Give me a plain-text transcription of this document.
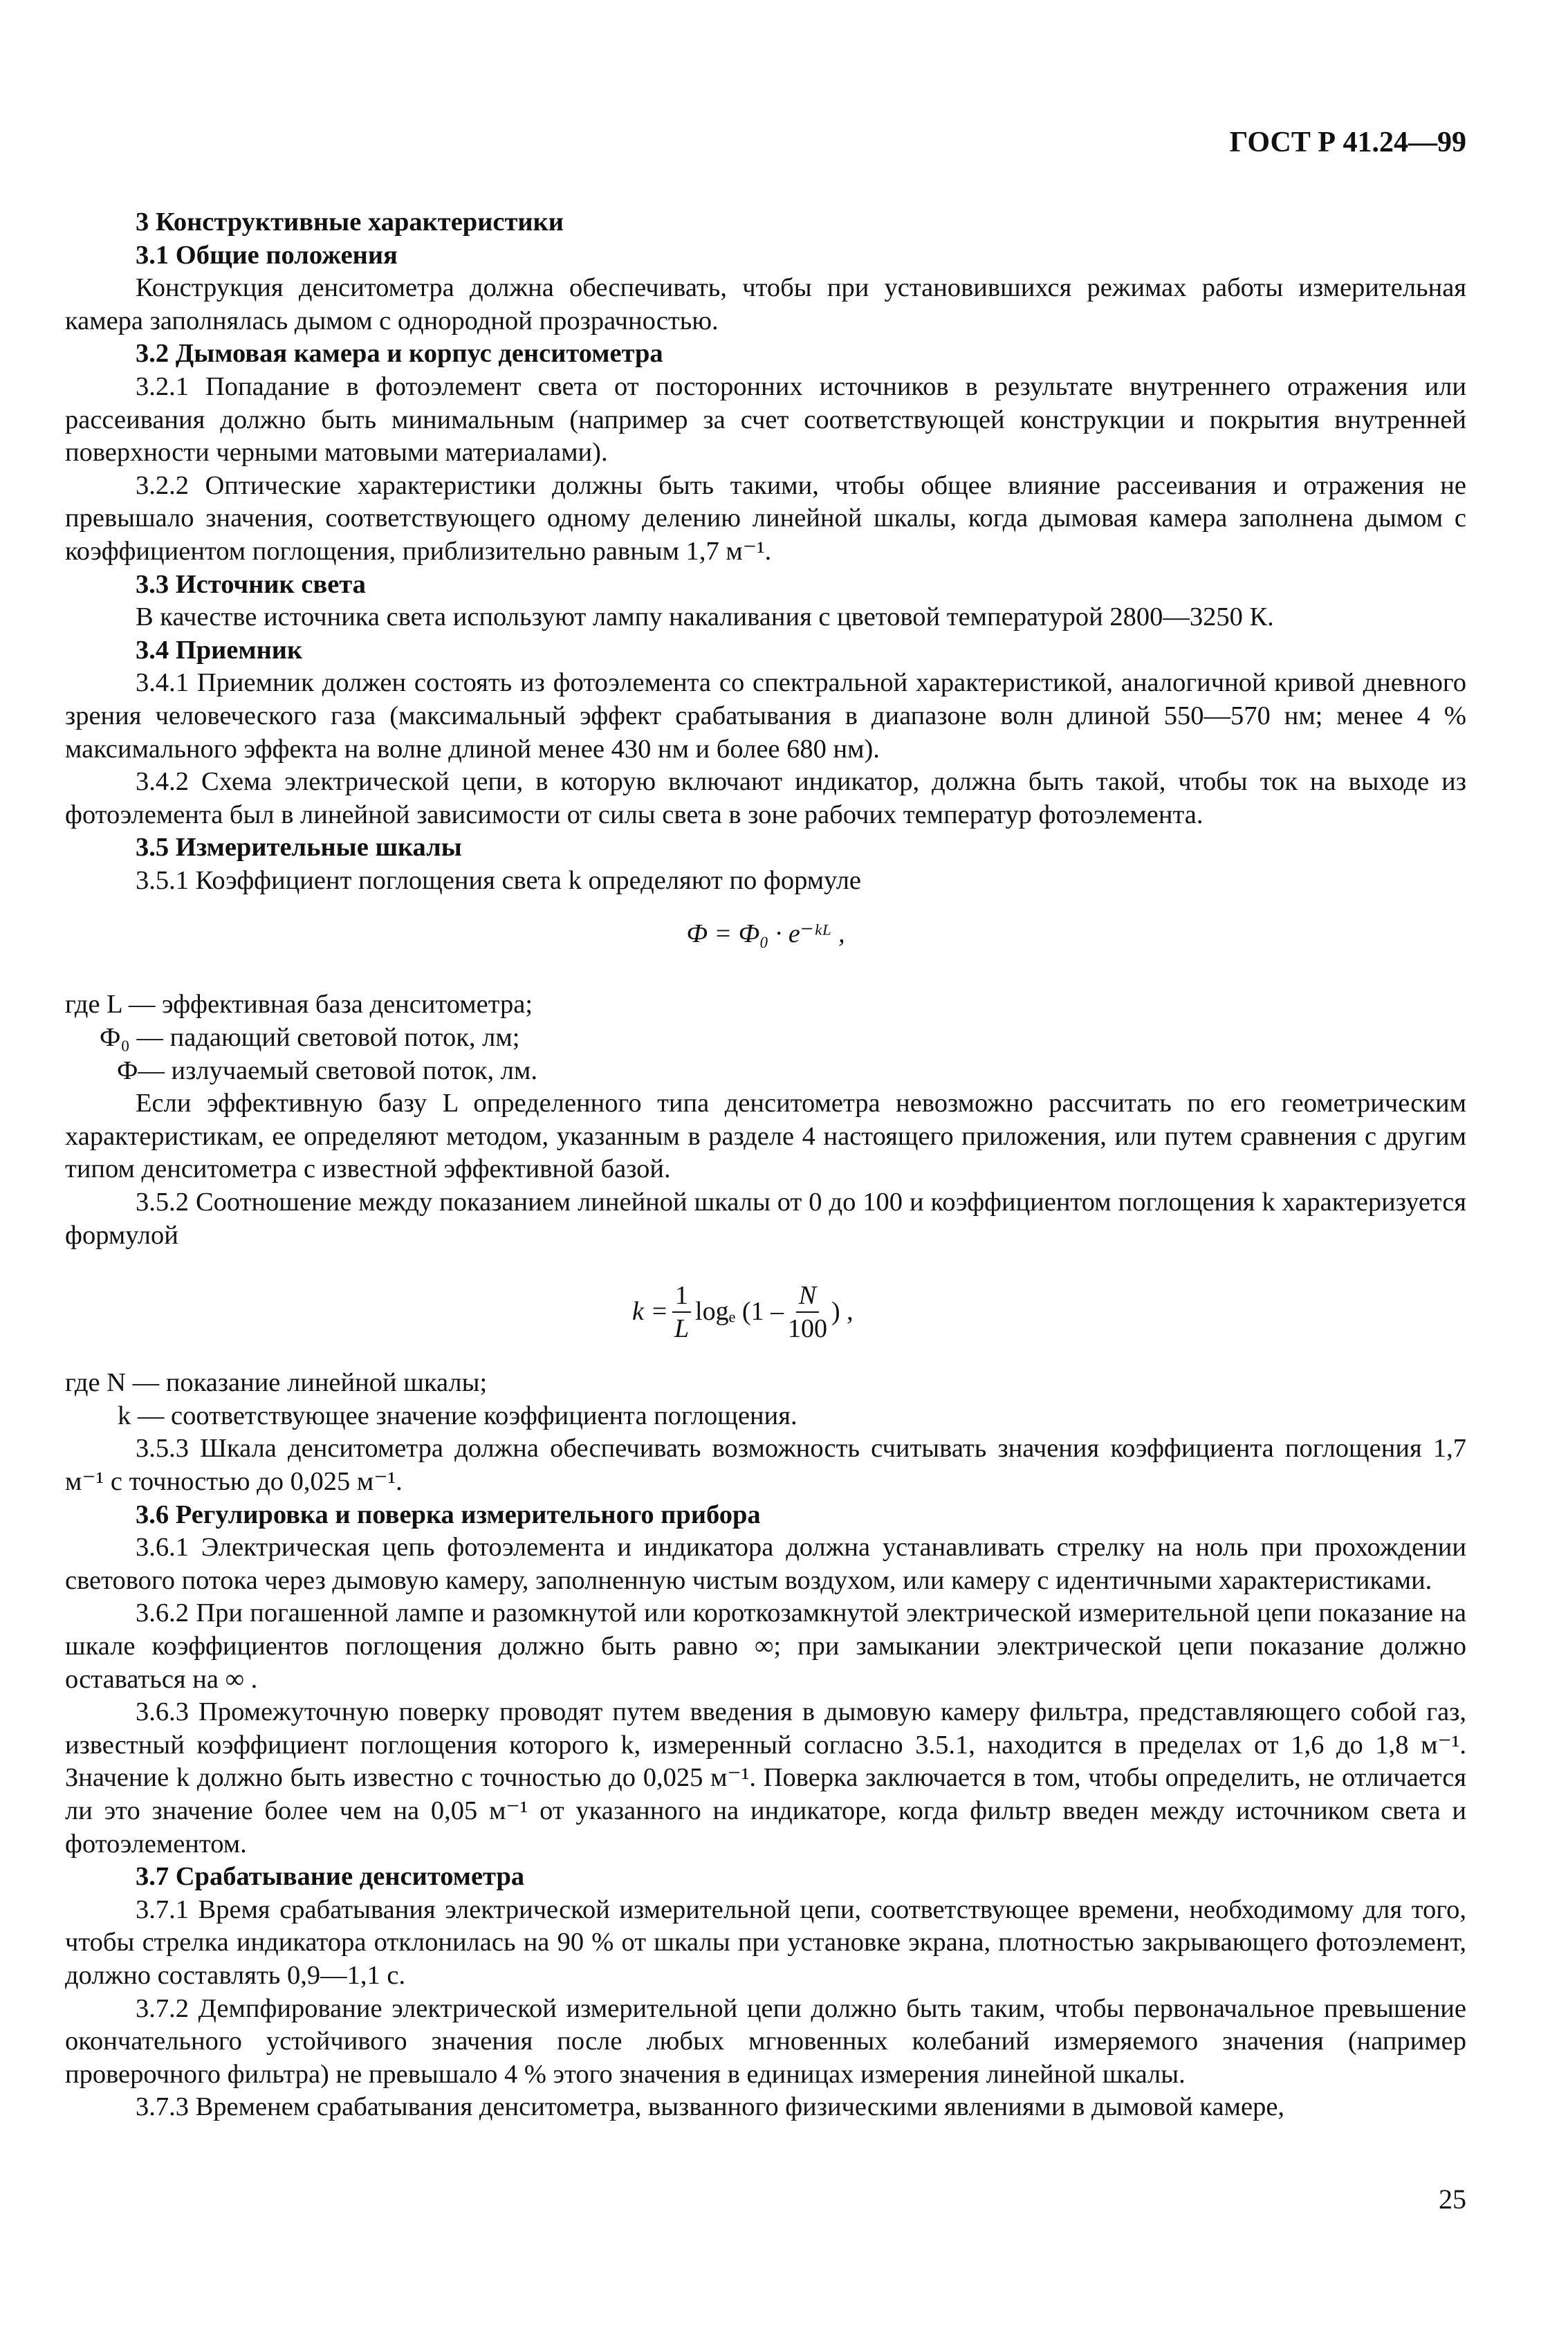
ГОСТ Р 41.24—99

3 Конструктивные характеристики

3.1 Общие положения

Конструкция денситометра должна обеспечивать, чтобы при установившихся режимах работы измерительная камера заполнялась дымом с однородной прозрачностью.

3.2 Дымовая камера и корпус денситометра

3.2.1 Попадание в фотоэлемент света от посторонних источников в результате внутреннего отражения или рассеивания должно быть минимальным (например за счет соответствующей конструкции и покрытия внутренней поверхности черными матовыми материалами).

3.2.2 Оптические характеристики должны быть такими, чтобы общее влияние рассеивания и отражения не превышало значения, соответствующего одному делению линейной шкалы, когда дымовая камера заполнена дымом с коэффициентом поглощения, приблизительно равным 1,7 м⁻¹.

3.3 Источник света

В качестве источника света используют лампу накаливания с цветовой температурой 2800—3250 К.

3.4 Приемник

3.4.1 Приемник должен состоять из фотоэлемента со спектральной характеристикой, аналогичной кривой дневного зрения человеческого газа (максимальный эффект срабатывания в диапазоне волн длиной 550—570 нм; менее 4 % максимального эффекта на волне длиной менее 430 нм и более 680 нм).

3.4.2 Схема электрической цепи, в которую включают индикатор, должна быть такой, чтобы ток на выходе из фотоэлемента был в линейной зависимости от силы света в зоне рабочих температур фотоэлемента.

3.5 Измерительные шкалы

3.5.1 Коэффициент поглощения света k определяют по формуле

Ф = Ф₀ · e⁻ᵏᴸ ,

где L — эффективная база денситометра;

Ф₀ — падающий световой поток, лм;

Ф— излучаемый световой поток, лм.

Если эффективную базу L определенного типа денситометра невозможно рассчитать по его геометрическим характеристикам, ее определяют методом, указанным в разделе 4 настоящего приложения, или путем сравнения с другим типом денситометра с известной эффективной базой.

3.5.2 Соотношение между показанием линейной шкалы от 0 до 100 и коэффициентом поглощения k характеризуется формулой

$k = \frac{1}{L}$ logₑ ($1 - \frac{N}{100}$ ) ,

где N — показание линейной шкалы;

k — соответствующее значение коэффициента поглощения.

3.5.3 Шкала денситометра должна обеспечивать возможность считывать значения коэффициента поглощения 1,7 м⁻¹ с точностью до 0,025 м⁻¹.

3.6 Регулировка и поверка измерительного прибора

3.6.1 Электрическая цепь фотоэлемента и индикатора должна устанавливать стрелку на ноль при прохождении светового потока через дымовую камеру, заполненную чистым воздухом, или камеру с идентичными характеристиками.

3.6.2 При погашенной лампе и разомкнутой или короткозамкнутой электрической измерительной цепи показание на шкале коэффициентов поглощения должно быть равно ∞; при замыкании электрической цепи показание должно оставаться на ∞ .

3.6.3 Промежуточную поверку проводят путем введения в дымовую камеру фильтра, представляющего собой газ, известный коэффициент поглощения которого k, измеренный согласно 3.5.1, находится в пределах от 1,6 до 1,8 м⁻¹. Значение k должно быть известно с точностью до 0,025 м⁻¹. Поверка заключается в том, чтобы определить, не отличается ли это значение более чем на 0,05 м⁻¹ от указанного на индикаторе, когда фильтр введен между источником света и фотоэлементом.

3.7 Срабатывание денситометра

3.7.1 Время срабатывания электрической измерительной цепи, соответствующее времени, необходимому для того, чтобы стрелка индикатора отклонилась на 90 % от шкалы при установке экрана, плотностью закрывающего фотоэлемент, должно составлять 0,9—1,1 с.

3.7.2 Демпфирование электрической измерительной цепи должно быть таким, чтобы первоначальное превышение окончательного устойчивого значения после любых мгновенных колебаний измеряемого значения (например проверочного фильтра) не превышало 4 % этого значения в единицах измерения линейной шкалы.

3.7.3 Временем срабатывания денситометра, вызванного физическими явлениями в дымовой камере,

25
